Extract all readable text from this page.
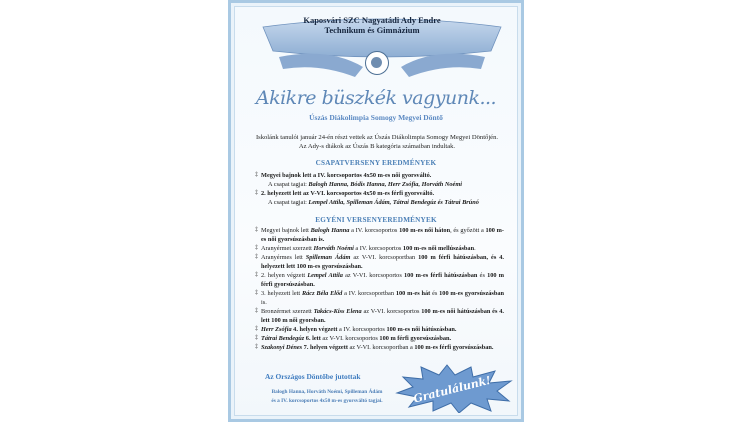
Kaposvári SZC Nagyatádi Ady Endre
Technikum és Gimnázium
Akikre büszkék vagyunk...
Úszás Diákolimpia Somogy Megyei Döntő
Iskolánk tanulói január 24-én részt vettek az Úszás Diákolimpia Somogy Megyei Döntőjén.
Az Ady-s diákok az Úszás B kategória számaiban indultak.
CSAPATVERSENY EREDMÉNYEK
‡ Megyei bajnok lett a IV. korcsoportos 4x50 m-es női gyorsváltó.
A csapat tagjai: Balogh Hanna, Bódis Hanna, Herr Zsófia, Horváth Noémi
‡ 2. helyezett lett az V-VI. korcsoportos 4x50 m-es férfi gyorsváltó.
A csapat tagjai: Lempel Attila, Spilleman Ádám, Tátrai Bendegúz és Tátrai Brúnó
EGYÉNI VERSENYEREDMÉNYEK
‡ Megyei bajnok lett Balogh Hanna a IV. korcsoportos 100 m-es női háton, és győzött a 100 m-es női gyorsúszásban is.
‡ Aranyérmet szerzett Horváth Noémi a IV. korcsoportos 100 m-es női mellúszásban.
‡ Aranyérmes lett Spilleman Ádám az V-VI. korcsoportban 100 m férfi hátúszásban, és 4. helyezett lett 100 m-es gyorsúszásban.
‡ 2. helyen végzett Lempel Attila az V-VI. korcsoportos 100 m-es férfi hátúszásban és 100 m férfi gyorsúszásban.
‡ 3. helyezett lett Rácz Béla Előd a IV. korcsoportban 100 m-es hát és 100 m-es gyorsúszásban is.
‡ Bronzérmet szerzett Takács-Kiss Elena az V-VI. korcsoportos 100 m-es női hátúszásban és 4. lett 100 m női gyorsban.
‡ Herr Zsófia 4. helyen végzett a IV. korcsoportos 100 m-es női hátúszásban.
‡ Tátrai Bendegúz 6. lett az V-VI. korcsoportos 100 m férfi gyorsúszásban.
‡ Szakonyi Dénes 7. helyen végzett az V-VI. korcsoportban a 100 m-es férfi gyorsúszásban.
Az Országos Döntőbe jutottak
Balogh Hanna, Horváth Noémi, Spilleman Ádám
és a IV. korcsoportos 4x50 m-es gyorsváltó tagjai.	Gratulálunk!
